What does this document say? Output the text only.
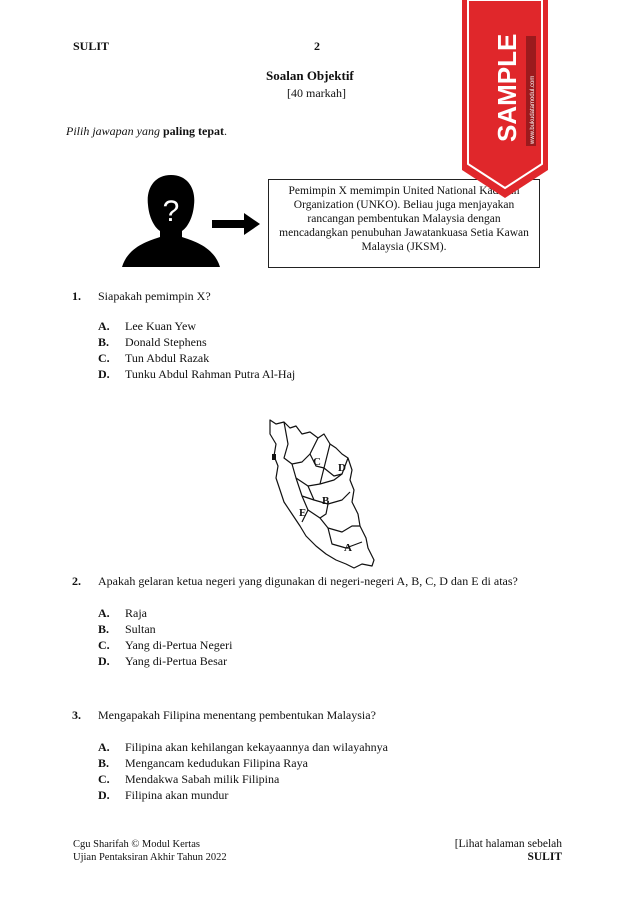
SULIT	2
Soalan Objektif
[40 markah]
Pilih jawapan yang paling tepat.
?
Pemimpin X memimpin United National Kadazan Organization (UNKO). Beliau juga menjayakan rancangan pembentukan Malaysia dengan mencadangkan penubuhan Jawatankuasa Setia Kawan Malaysia (JKSM).
SAMPLE www.bukudatamodul.com
1. Siapakah pemimpin X?
A. Lee Kuan Yew
B. Donald Stephens
C. Tun Abdul Razak
D. Tunku Abdul Rahman Putra Al-Haj
C D
B
E
A
2. Apakah gelaran ketua negeri yang digunakan di negeri-negeri A, B, C, D dan E di atas?
A. Raja
B. Sultan
C. Yang di-Pertua Negeri
D. Yang di-Pertua Besar
3. Mengapakah Filipina menentang pembentukan Malaysia?
A. Filipina akan kehilangan kekayaannya dan wilayahnya
B. Mengancam kedudukan Filipina Raya
C. Mendakwa Sabah milik Filipina
D. Filipina akan mundur
Cgu Sharifah © Modul Kertas
Ujian Pentaksiran Akhir Tahun 2022
[Lihat halaman sebelah
SULIT
